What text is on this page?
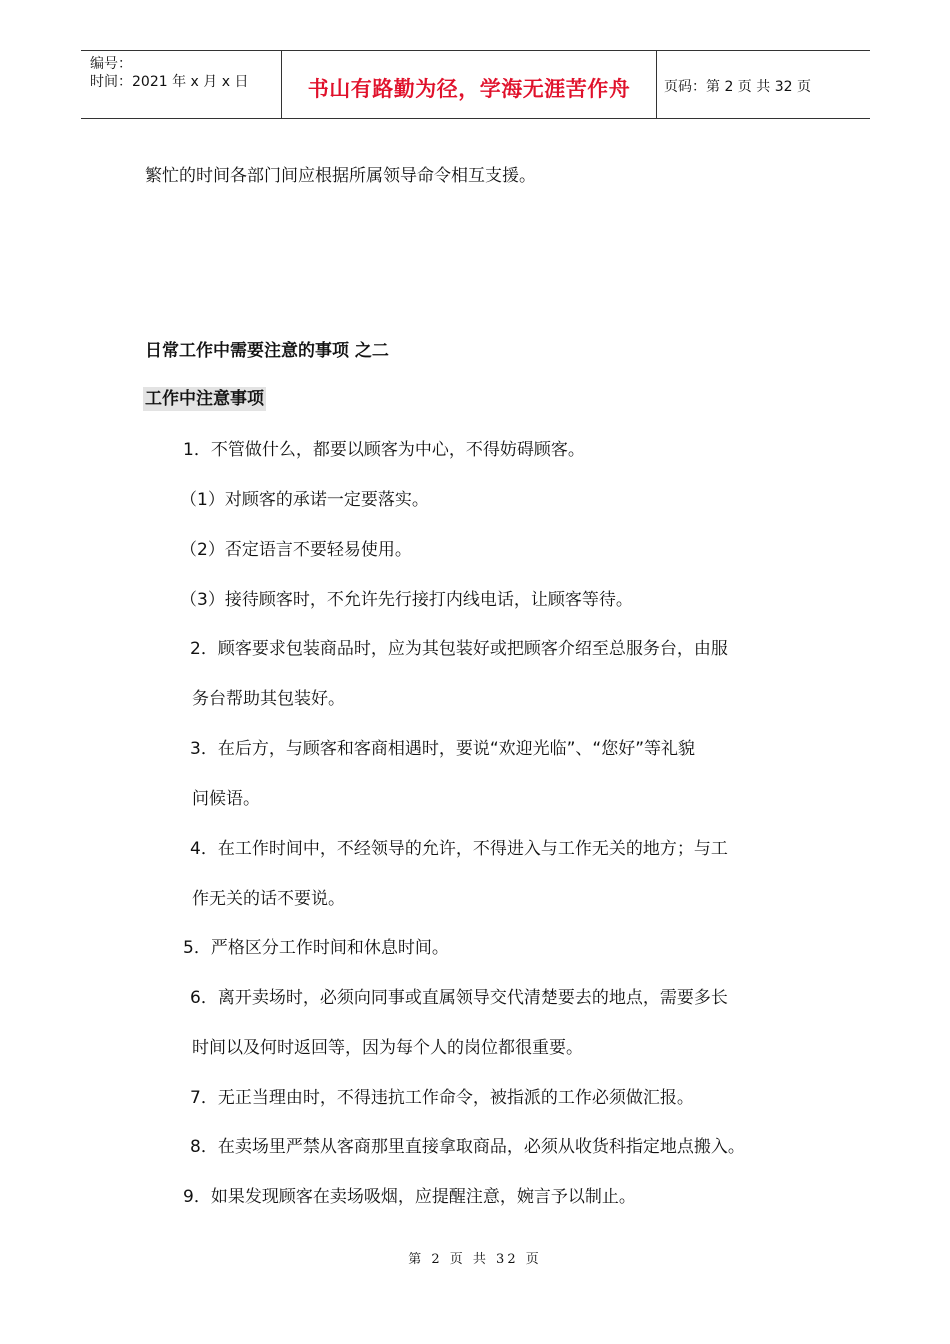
编号：
时间：2021 年 x 月 x 日	书山有路勤为径，学海无涯苦作舟	页码：第 2 页 共 32 页
繁忙的时间各部门间应根据所属领导命令相互支援。
日常工作中需要注意的事项 之二
工作中注意事项
1．不管做什么，都要以顾客为中心，不得妨碍顾客。
（1）对顾客的承诺一定要落实。
（2）否定语言不要轻易使用。
（3）接待顾客时，不允许先行接打内线电话，让顾客等待。
2．顾客要求包装商品时，应为其包装好或把顾客介绍至总服务台，由服
务台帮助其包装好。
3．在后方，与顾客和客商相遇时，要说“欢迎光临”、“您好”等礼貌
问候语。
4．在工作时间中，不经领导的允许，不得进入与工作无关的地方；与工
作无关的话不要说。
5．严格区分工作时间和休息时间。
6．离开卖场时，必须向同事或直属领导交代清楚要去的地点，需要多长
时间以及何时返回等，因为每个人的岗位都很重要。
7．无正当理由时，不得违抗工作命令，被指派的工作必须做汇报。
8．在卖场里严禁从客商那里直接拿取商品，必须从收货科指定地点搬入。
9．如果发现顾客在卖场吸烟，应提醒注意，婉言予以制止。
第 2 页 共 32 页
